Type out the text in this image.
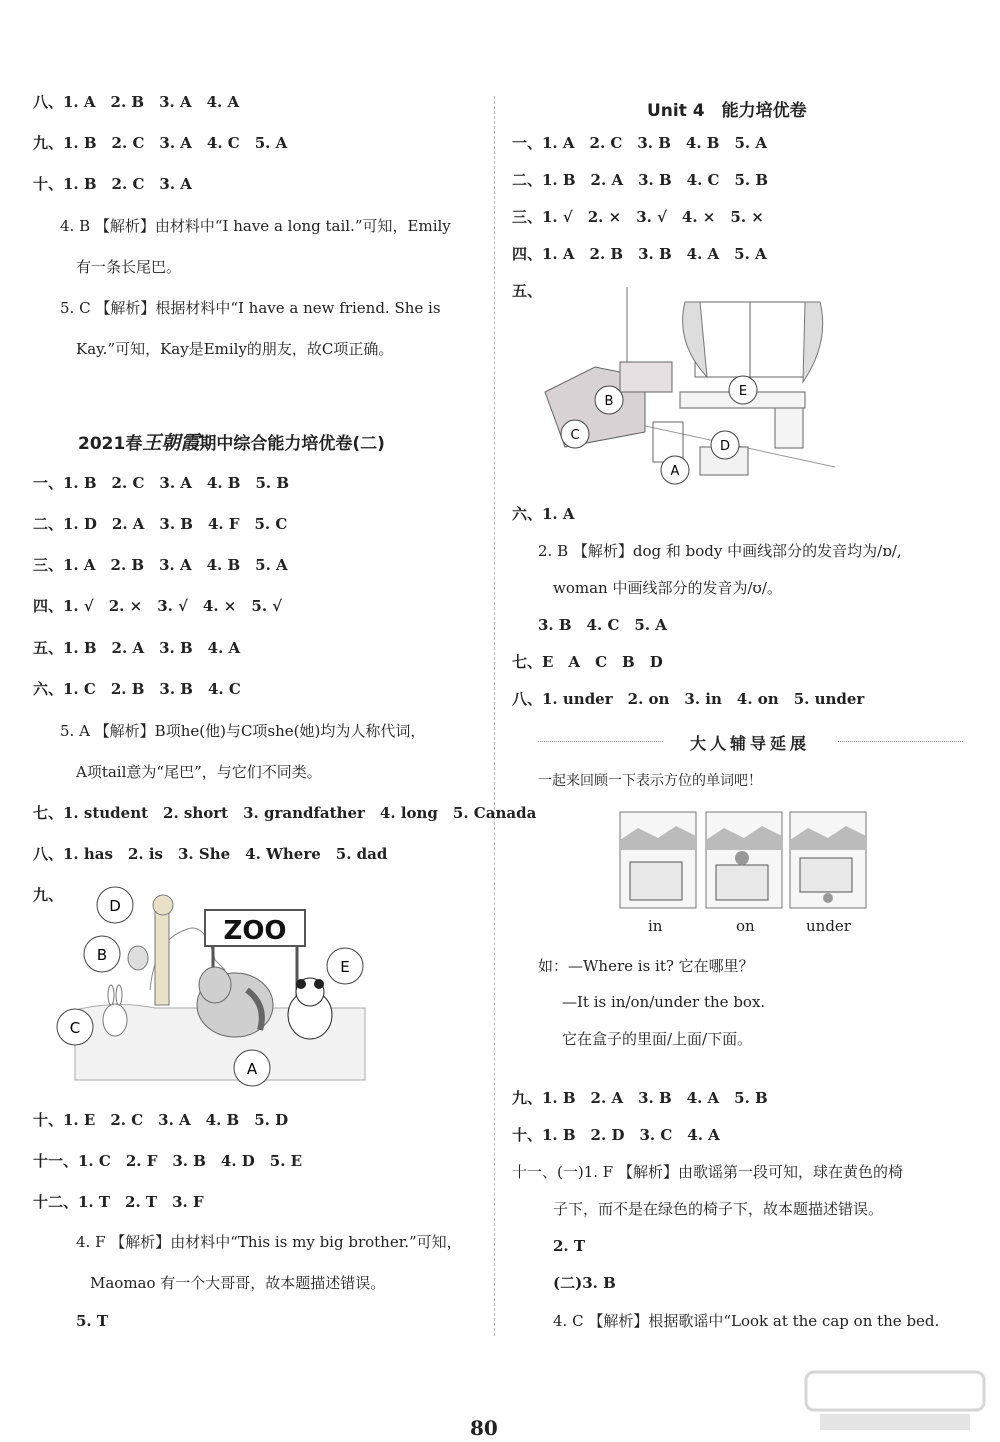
八、1. A　2. B　3. A　4. A
九、1. B　2. C　3. A　4. C　5. A
十、1. B　2. C　3. A
4. B 【解析】由材料中“I have a long tail.”可知，Emily
有一条长尾巴。
5. C 【解析】根据材料中“I have a new friend. She is
Kay.”可知，Kay是Emily的朋友，故C项正确。
2021春王朝霞期中综合能力培优卷(二)
一、1. B　2. C　3. A　4. B　5. B
二、1. D　2. A　3. B　4. F　5. C
三、1. A　2. B　3. A　4. B　5. A
四、1. √　2. ×　3. √　4. ×　5. √
五、1. B　2. A　3. B　4. A
六、1. C　2. B　3. B　4. C
5. A 【解析】B项he(他)与C项she(她)均为人称代词，
A项tail意为“尾巴”，与它们不同类。
七、1. student　2. short　3. grandfather　4. long　5. Canada
八、1. has　2. is　3. She　4. Where　5. dad
九、
ZOO
D
B
C
E
A
十、1. E　2. C　3. A　4. B　5. D
十一、1. C　2. F　3. B　4. D　5. E
十二、1. T　2. T　3. F
4. F 【解析】由材料中“This is my big brother.”可知，
Maomao 有一个大哥哥，故本题描述错误。
5. T
Unit 4　能力培优卷
一、1. A　2. C　3. B　4. B　5. A
二、1. B　2. A　3. B　4. C　5. B
三、1. √　2. ×　3. √　4. ×　5. ×
四、1. A　2. B　3. B　4. A　5. A
五、
B
C
E
D
A
六、1. A
2. B 【解析】dog 和 body 中画线部分的发音均为/ɒ/,
woman 中画线部分的发音为/ʊ/。
3. B　4. C　5. A
七、E　A　C　B　D
八、1. under　2. on　3. in　4. on　5. under
大人辅导延展
一起来回顾一下表示方位的单词吧！
in	on	under
如：—Where is it? 它在哪里？
—It is in/on/under the box.
它在盒子的里面/上面/下面。
九、1. B　2. A　3. B　4. A　5. B
十、1. B　2. D　3. C　4. A
十一、(一)1. F 【解析】由歌谣第一段可知，球在黄色的椅
子下，而不是在绿色的椅子下，故本题描述错误。
2. T
(二)3. B
4. C 【解析】根据歌谣中“Look at the cap on the bed.
80
